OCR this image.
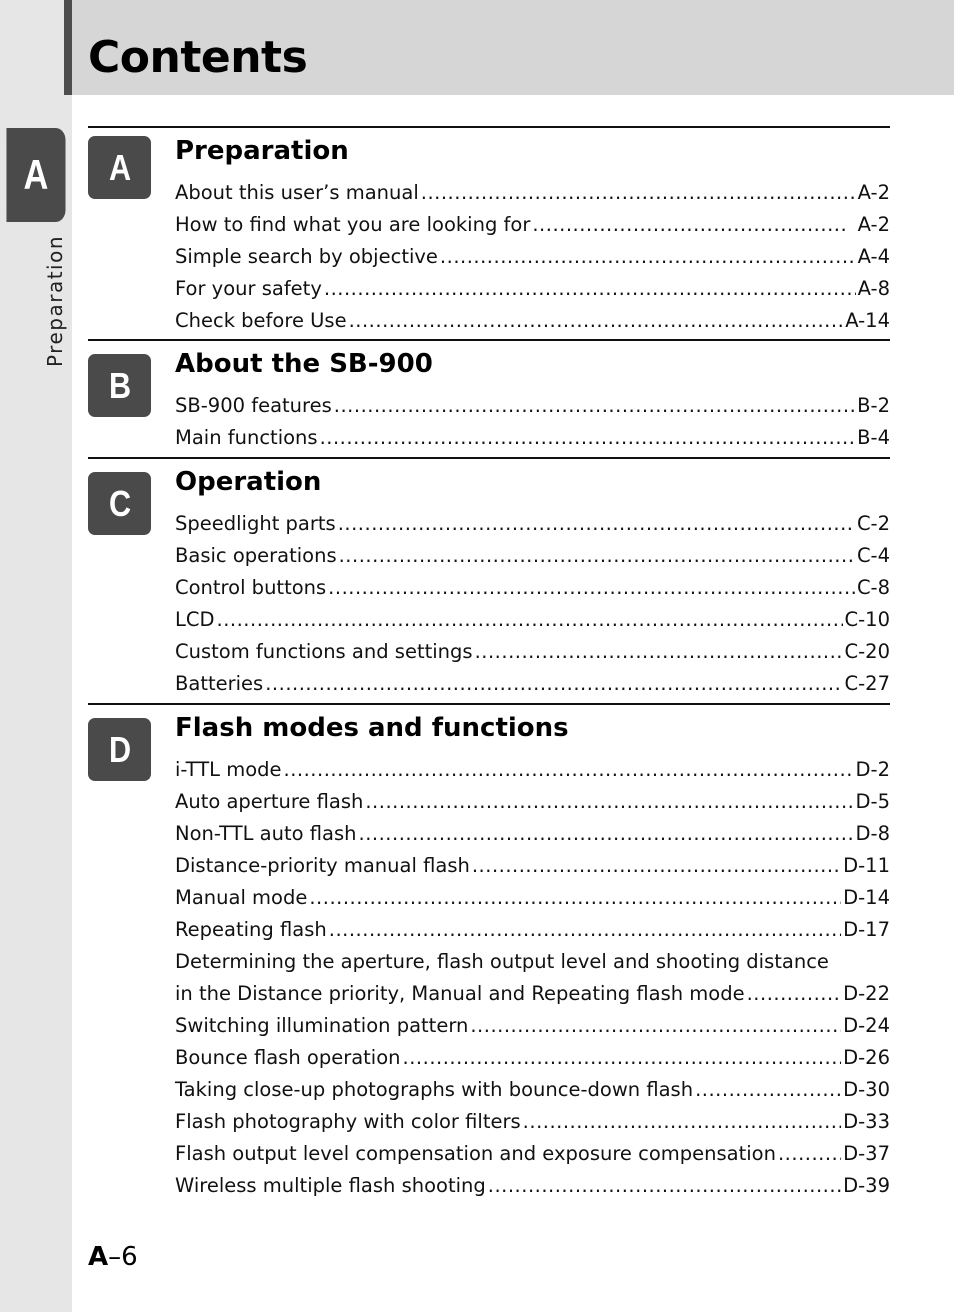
Contents
A
Preparation
A Preparation
About this user’s manual .....	A-2
How to find what you are looking for .....	A-2
Simple search by objective .....	A-4
For your safety .....	A-8
Check before Use .....	A-14
B
About the SB-900
SB-900 features .....	B-2
Main functions .....	B-4
C
Operation
Speedlight parts .....	C-2
Basic operations .....	C-4
Control buttons .....	C-8
LCD .....	C-10
Custom functions and settings .....	C-20
Batteries .....	C-27
D
Flash modes and functions
i-TTL mode .....	D-2
Auto aperture flash .....	D-5
Non-TTL auto flash .....	D-8
Distance-priority manual flash .....	D-11
Manual mode .....	D-14
Repeating flash .....	D-17
Determining the aperture, flash output level and shooting distance
in the Distance priority, Manual and Repeating flash mode .....	D-22
Switching illumination pattern .....	D-24
Bounce flash operation .....	D-26
Taking close-up photographs with bounce-down flash .....	D-30
Flash photography with color filters .....	D-33
Flash output level compensation and exposure compensation .....	D-37
Wireless multiple flash shooting .....	D-39
A–6
